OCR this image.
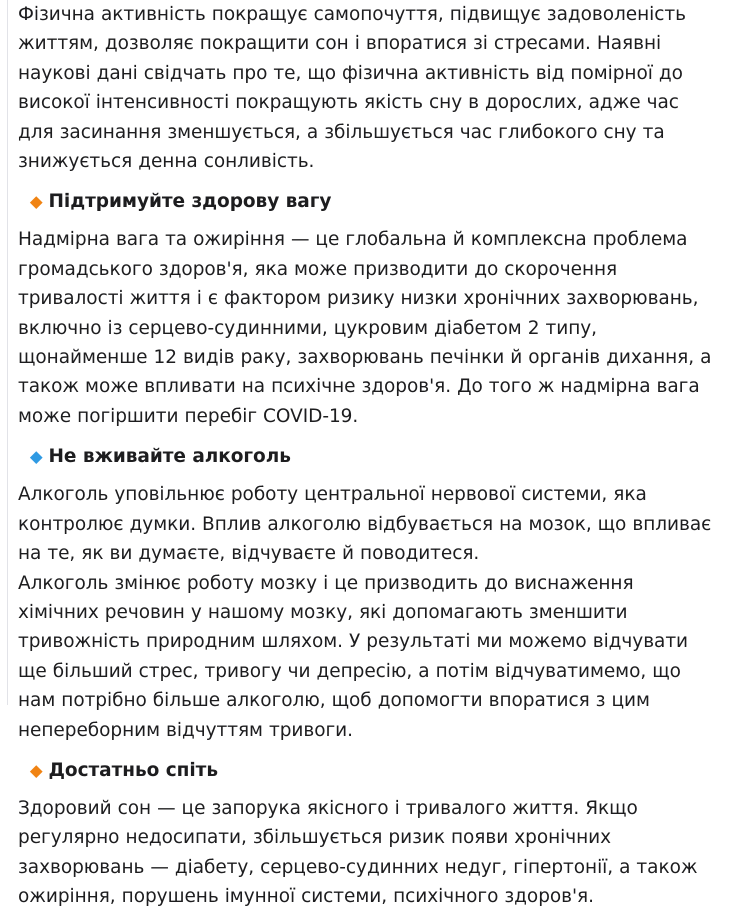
Фізична активність покращує самопочуття, підвищує задоволеність життям, дозволяє покращити сон і впоратися зі стресами. Наявні наукові дані свідчать про те, що фізична активність від помірної до високої інтенсивності покращують якість сну в дорослих, адже час для засинання зменшується, а збільшується час глибокого сну та знижується денна сонливість.

Підтримуйте здорову вагу

Надмірна вага та ожиріння — це глобальна й комплексна проблема громадського здоров'я, яка може призводити до скорочення тривалості життя і є фактором ризику низки хронічних захворювань, включно із серцево-судинними, цукровим діабетом 2 типу, щонайменше 12 видів раку, захворювань печінки й органів дихання, а також може впливати на психічне здоров'я. До того ж надмірна вага може погіршити перебіг COVID-19.

Не вживайте алкоголь

Алкоголь уповільнює роботу центральної нервової системи, яка контролює думки. Вплив алкоголю відбувається на мозок, що впливає на те, як ви думаєте, відчуваєте й поводитеся.

Алкоголь змінює роботу мозку і це призводить до виснаження хімічних речовин у нашому мозку, які допомагають зменшити тривожність природним шляхом. У результаті ми можемо відчувати ще більший стрес, тривогу чи депресію, а потім відчуватимемо, що нам потрібно більше алкоголю, щоб допомогти впоратися з цим непереборним відчуттям тривоги.

Достатньо спіть

Здоровий сон — це запорука якісного і тривалого життя. Якщо регулярно недосипати, збільшується ризик появи хронічних захворювань — діабету, серцево-судинних недуг, гіпертонії, а також ожиріння, порушень імунної системи, психічного здоров'я.
